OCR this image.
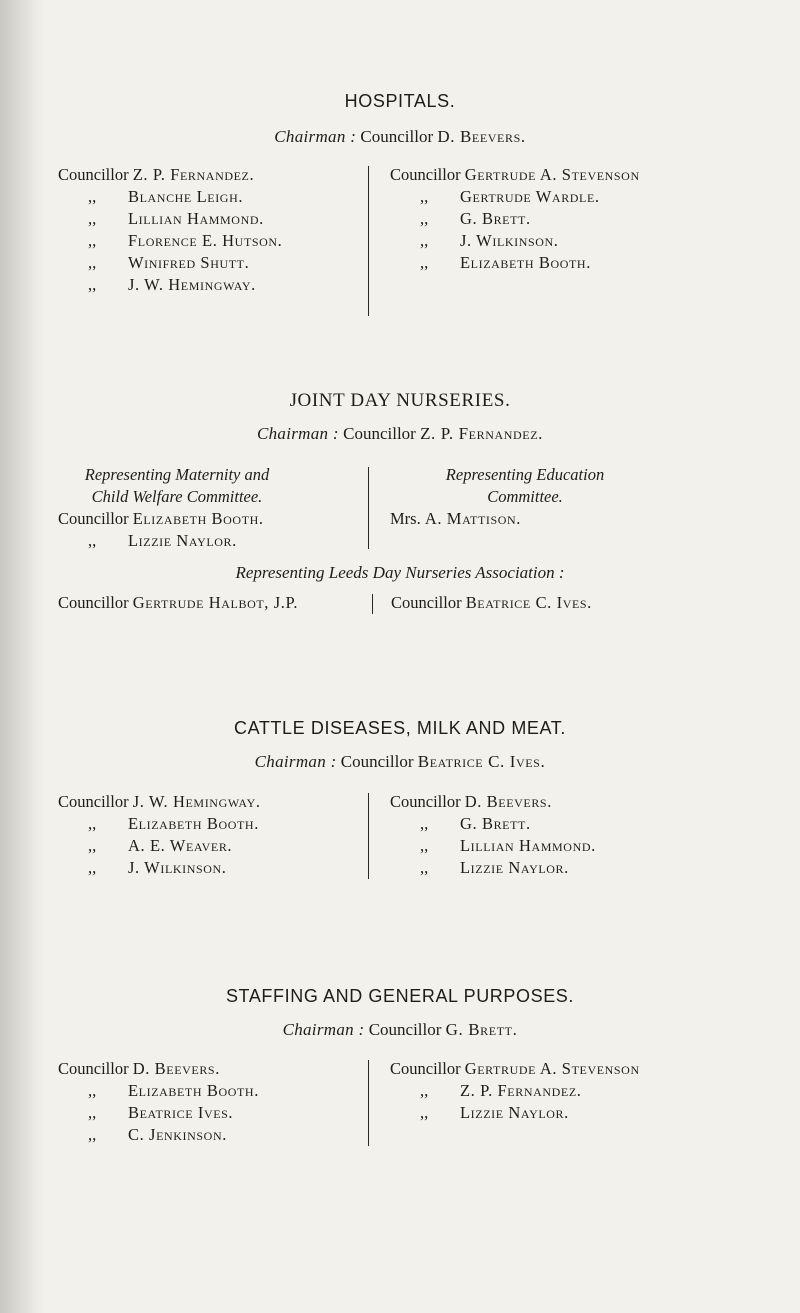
HOSPITALS.
Chairman : Councillor D. Beevers.
Councillor Z. P. Fernandez.
,, Blanche Leigh.
,, Lillian Hammond.
,, Florence E. Hutson.
,, Winifred Shutt.
,, J. W. Hemingway.
Councillor Gertrude A. Stevenson
,, Gertrude Wardle.
,, G. Brett.
,, J. Wilkinson.
,, Elizabeth Booth.
JOINT DAY NURSERIES.
Chairman : Councillor Z. P. Fernandez.
Representing Maternity and
Child Welfare Committee.
Councillor Elizabeth Booth.
,, Lizzie Naylor.
Representing Education
Committee.
Mrs. A. Mattison.
Representing Leeds Day Nurseries Association :
Councillor Gertrude Halbot, J.P.	Councillor Beatrice C. Ives.
CATTLE DISEASES, MILK AND MEAT.
Chairman : Councillor Beatrice C. Ives.
Councillor J. W. Hemingway.
,, Elizabeth Booth.
,, A. E. Weaver.
,, J. Wilkinson.
Councillor D. Beevers.
,, G. Brett.
,, Lillian Hammond.
,, Lizzie Naylor.
STAFFING AND GENERAL PURPOSES.
Chairman : Councillor G. Brett.
Councillor D. Beevers.
,, Elizabeth Booth.
,, Beatrice Ives.
,, C. Jenkinson.
Councillor Gertrude A. Stevenson
,, Z. P. Fernandez.
,, Lizzie Naylor.
